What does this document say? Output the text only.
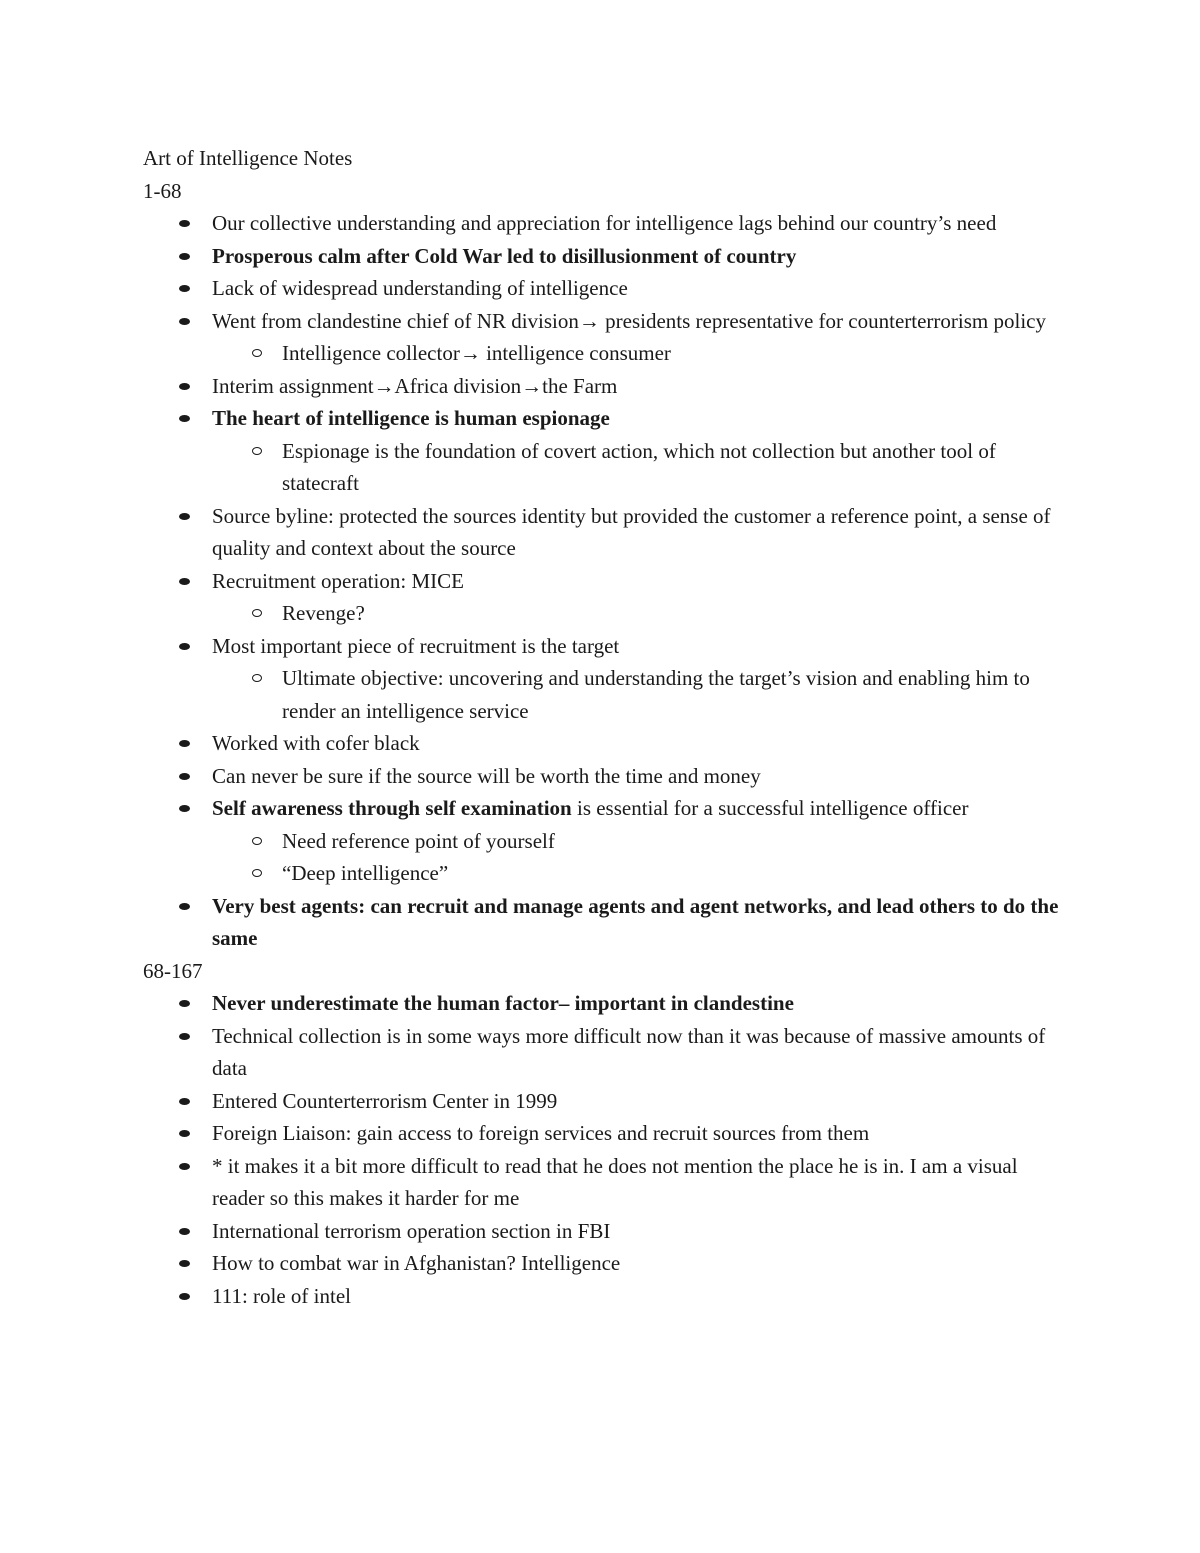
Art of Intelligence Notes

1-68

Our collective understanding and appreciation for intelligence lags behind our country’s need
Prosperous calm after Cold War led to disillusionment of country
Lack of widespread understanding of intelligence
Went from clandestine chief of NR division→ presidents representative for counterterrorism policy
Intelligence collector→ intelligence consumer
Interim assignment→Africa division→the Farm
The heart of intelligence is human espionage
Espionage is the foundation of covert action, which not collection but another tool of statecraft
Source byline: protected the sources identity but provided the customer a reference point, a sense of quality and context about the source
Recruitment operation: MICE
Revenge?
Most important piece of recruitment is the target
Ultimate objective: uncovering and understanding the target’s vision and enabling him to render an intelligence service
Worked with cofer black
Can never be sure if the source will be worth the time and money
Self awareness through self examination is essential for a successful intelligence officer
Need reference point of yourself
“Deep intelligence”
Very best agents: can recruit and manage agents and agent networks, and lead others to do the same

68-167

Never underestimate the human factor– important in clandestine
Technical collection is in some ways more difficult now than it was because of massive amounts of data
Entered Counterterrorism Center in 1999
Foreign Liaison: gain access to foreign services and recruit sources from them
* it makes it a bit more difficult to read that he does not mention the place he is in. I am a visual reader so this makes it harder for me
International terrorism operation section in FBI
How to combat war in Afghanistan? Intelligence
111: role of intel
